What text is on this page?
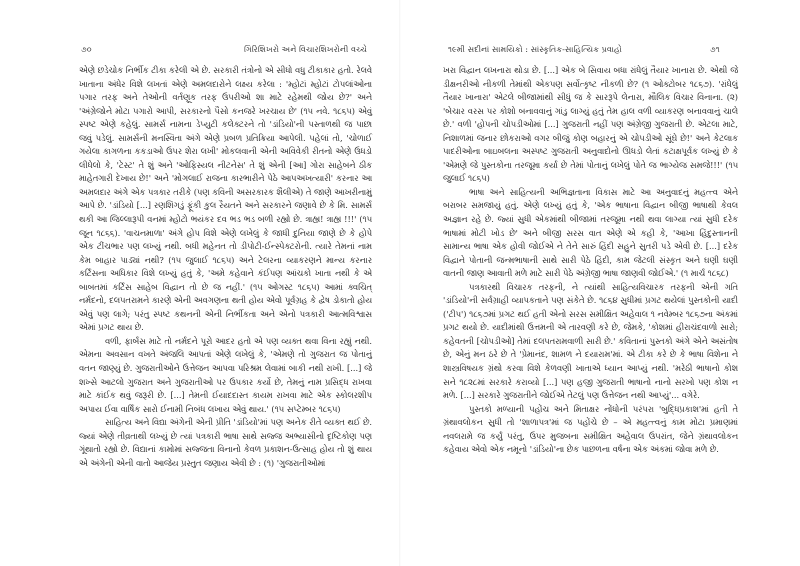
૭૦	ગિરિશિખરો અને વિચારશિખરોની વચ્ચે

એણે છડેચોક નિર્ભીક ટીકા કરેલી એ છે. સરકારી તંત્રોનો એ સીધો વધુ ટીકાકાર હતો. રેલવે ખાતાના અંધેર વિશે લખતાં એણે અમલદારોને લક્ષ્ય કરેલા : 'મ્હોટાં મ્હોટાં ટોપલાંઓના પગાર તરફ અને તેઓની વર્તણૂક તરફ ઉપરીઓ શા માટે રહેમથી જોય છે?' અને 'અંગ્રેજોને મોટા પગારો આપી, સરકારનો પૈસો કનજરે ખરચાય છે' (૧૫ નવે. ૧૮૬૫) એવું સ્પષ્ટ એણે કહેલું. સામર્સ નામના ડેપ્યુટી કલેક્ટરને તો 'ડાંડિયો'ની પસ્તાળથી જ પાછા જવું પડેલું. સામર્સની મનસ્વિતા અંગે એણે પ્રબળ પ્રતિક્રિયા આપેલી. પહેલાં તો, 'ચોળાઈ ગયેલા કાગળના કકડાઓ ઉપર શેરા લખી' મોકલવાની એની અવિવેકી રીતનો એણે ઉધડો લીધેલો કે, 'ટેસ્ટ' તે શું અને 'ઓફિસ્યલ નીટનેસ' તે શું એની [આ] ગોરા સાહેબને ઠીક માહેતગારી દેખાય છે!' અને 'મોગલાઈ રાજના કારભારીને પેઠે આપઅખત્યારી' કરનાર આ અમલદાર અંગે એક પત્રકાર તરીકે (પણ કવિની અસરકારક શૈલીએ) તે જાણે આખરીનામું આપે છે. 'ડાંડિયો [...] રણશિંગડું ફૂંકી કુલ રૈયતને અને સરકારને જણાવે છે કે મિ. સામર્સ થકી આ જિલ્લારૂપી વનમાં મ્હોટો ભયંકર દવ ભડ ભડ બળી રહ્યો છે. ત્રાહ્ય! ત્રાહ્ય !!!' (૧૫ જૂન ૧૮૬૬). 'વાચનમાળા' અંગે હોપ વિશે એણે લખેલું કે જાધી દુનિયા જાણે છે કે હોપે એક ટીંચભાર પણ લખ્યું નથી. બધી મહેનત તો ડીપોટી-ઈન્સ્પેક્ટરોની. ત્યારે તેમનાં નામ કેમ બાહાર પાડ્યાં નથી? (૧૫ જુલાઈ ૧૮૬૫) અને ટેલરના વ્યાકરણને માન્ય કરનાર કર્ટિસના અધિકાર વિશે લખ્યું હતું કે, 'અમે કહેવાને કંઈપણ આંચકો ખાતા નથી કે એ બાબતમાં કર્ટિસ સાહેબ વિદ્વાન તો છે જ નહીં.' (૧૫ ઓગસ્ટ ૧૮૬૫) આમાં ક્વચિત્ નર્મદનો, દલપતરામને કારણે એની અવગણના થતી હોય એવો પૂર્વગ્રહ કે દ્વેષ ડોકાતો હોય એવું પણ લાગે; પરંતુ સ્પષ્ટ કથનની એની નિર્ભીકતા અને એનો પત્રકારી આત્મવિશ્વાસ એમાં પ્રગટ થાય છે.

વળી, ફાર્બસ માટે તો નર્મદને પૂરો આદર હતો એ પણ વ્યક્ત થવા વિના રહ્યું નથી. એમના અવસાન વખતે અંજલિ આપતાં એણે લખેલું કે, 'એમણે તો ગુજરાત જ પોતાનું વતન જાણ્યું છે. ગુજરાતીઓને ઉત્તેજન આપવા પરિશ્રમ લેવામાં બાકી નથી રાખી. [...] જે શખ્સે આટલો ગુજરાત અને ગુજરાતીઓ પર ઉપકાર કર્યો છે, તેમનું નામ પ્રસિદ્ધ રાખવા માટે કાંઈક થવું જરૂરી છે. [...] તેમની ઈયાદદાસ્ત કાયમ રાખવા માટે એક સ્કોલરશીપ અપાય ઈવા વાર્ષિક સારો ઈનામી નિબંધ લખાય એવું થાય.' (૧૫ સપ્ટેમ્બર ૧૮૬૫)

સાહિત્ય અને વિદ્યા અંગેની એની પ્રીતિ 'ડાંડિયો'માં પણ અનેક રીતે વ્યક્ત થઈ છે. જ્યાં એણે તીવ્રતાથી લખ્યું છે ત્યાં પત્રકારી ભાષા સાથે સજ્જ અભ્યાસીનો દૃષ્ટિકોણ પણ ગૂંથાતો રહ્યો છે. વિદ્યાનાં કામોમાં સજ્જતા વિનાનો કેવળ પ્રકાશન-ઉત્સાહ હોય તો શું થાય એ અંગેની એની વાતો આજેય પ્રસ્તુત જણાય એવી છે : (૧) 'ગુજરાતીઓમાં

૧૯મી સદીનાં સામયિકો : સાંસ્કૃતિક-સાહિત્યિક પ્રવાહો	૭૧

ખરા વિદ્વાન લખનારા થોડા છે. [...] એક બે સિવાય બધા રાંધેલું તૈયાર ખાનારા છે. એથી જે ડીક્ષનરીઓ નીકળી તેમાંથી એકપણ સર્વોત્કૃષ્ટ નીકળી છે? (૧ ઓક્ટોબર ૧૮૬૭). 'રાંધેલું તૈયાર ખાનારા' એટલે બીજામાંથી સીધું જ કે સારરૂપે લેનારા, મૌલિક વિચાર વિનાના. (૨) 'બેચાર વરસ પર કોશો બનાવવાનું ગાંડુ લાગ્યું હતું તેમ હાલ વળી વ્યાકરણ બનાવવાનું ચાલે છે.' વળી 'હોપની ચોપડીઓમાં [...] ગુજરાતી નહીં પણ અંગ્રેજી ગુજરાતી છે. એટલા માટે, નિશાળમાં જનાર છોકરાઓ વગર બીજું કોણ બહારનું એ ચોપડીઓ સૂંઘે છે!' અને કેટલાક પાદરીઓના બાઇબલના અસ્પષ્ટ ગુજરાતી અનુવાદોનો ઊધડો લેતાં કટાક્ષપૂર્વક લખ્યું છે કે 'એમણે જે પુસ્તકોના તરજૂમા કર્યા છે તેમાં પોતાનું લખેલું પોતે જ ભાગ્યેજ સમજે!!!' (૧૫ જુલાઈ ૧૮૬૫)

ભાષા અને સાહિત્યની અભિજ્ઞતાના વિકાસ માટે આ અનુવાદનું મહત્ત્વ એને બરાબર સમજાયું હતું. એણે લખ્યું હતું કે, 'એક ભાષાના વિદ્વાન બીજી ભાષાથી કેવલ અજ્ઞાન રહે છે. જ્યાં સુધી એકમાંથી બીજામાં તરજૂમા નથી થવા લાગ્યા ત્યાં સુધી દરેક ભાષામાં મોટી ખોડ છે' અને બીજી સરસ વાત એણે એ કહી કે, 'આખા હિંદુસ્તાનની સામાન્ય ભાષા એક હોવી જોઈએ ને તેને સારું હિંદી સહુને સુતરી પડે એવી છે. [...] દરેક વિદ્વાને પોતાની જન્મભાષાની સાથે સારી પેઠે હિંદી, કામ જેટલી સંસ્કૃત અને ઘણી ઘણી વાતની જાણ આવાતી મળે માટે સારી પેઠે અંગ્રેજી ભાષા જાણવી જોઈએ.' (૧ માર્ચ ૧૮૬૮)

પત્રકારથી વિચારક તરફની, ને ત્યાંથી સાહિત્યવિચારક તરફની એની ગતિ 'ડાંડિયો'ની સર્વગ્રાહી વ્યાપકતાને પણ સંકેતે છે. ૧૮૬૪ સુધીમાં પ્રગટ થયેલાં પુસ્તકોની યાદી ('ટીપ') ૧૮૬૭માં પ્રગટ થઈ હતી એનો સરસ સમીક્ષિત અહેવાલ ૧ નવેમ્બર ૧૮૬૭ના અંકમાં પ્રગટ થયો છે. યાદીમાંથી ઉત્તમની એ તારવણી કરે છે, જેમકે, 'કોશમાં હીરાચંદવાળો સારો; કહેવતની [ચોપડીઓ] તેમાં દલપતરામવાળી સારી છે.' કવિતાનાં પુસ્તકો અંગે એને અસંતોષ છે, એનું મન ઠરે છે તે 'પ્રેમાનંદ, શામળ ને દયારામ'માં. એ ટીકા કરે છે કે ભાષા વિશેના ને શાસ્ત્રવિષયક ગ્રંથો કરવા વિશે કેળવણી ખાતાએ ધ્યાન આપ્યું નથી. 'મરેઠી ભાષાનો કોશ સને ૧૮૨૮માં સરકારે કરાવ્યો [...] પણ હજી ગુજરાતી ભાષાનો નાનો સરખો પણ કોશ ન મળે. [...] સરકારે ગુજરાતીને જોઈએ તેટલું પણ ઉત્તેજન નથી આપ્યું'... વગેરે.

પુસ્તકો મળ્યાની પહોંચ અને મિતાક્ષર નોંધોની પરંપરા 'બુદ્ધિપ્રકાશ'માં હતી તે ગ્રંથાવલોકન સુધી તો 'શાળાપત્ર'માં જ પહોંચે છે – એ મહત્ત્વનું કામ મોટા પ્રમાણમાં નવલરામે જ કર્યું પરંતુ, ઉપર મુજબના સમીક્ષિત અહેવાલ ઉપરાંત, જેને ગ્રંથાવલોકન કહેવાય એવો એક નમૂનો 'ડાંડિયો'ના છેક પાછળના વર્ષના એક અંકમાં જોવા મળે છે.
